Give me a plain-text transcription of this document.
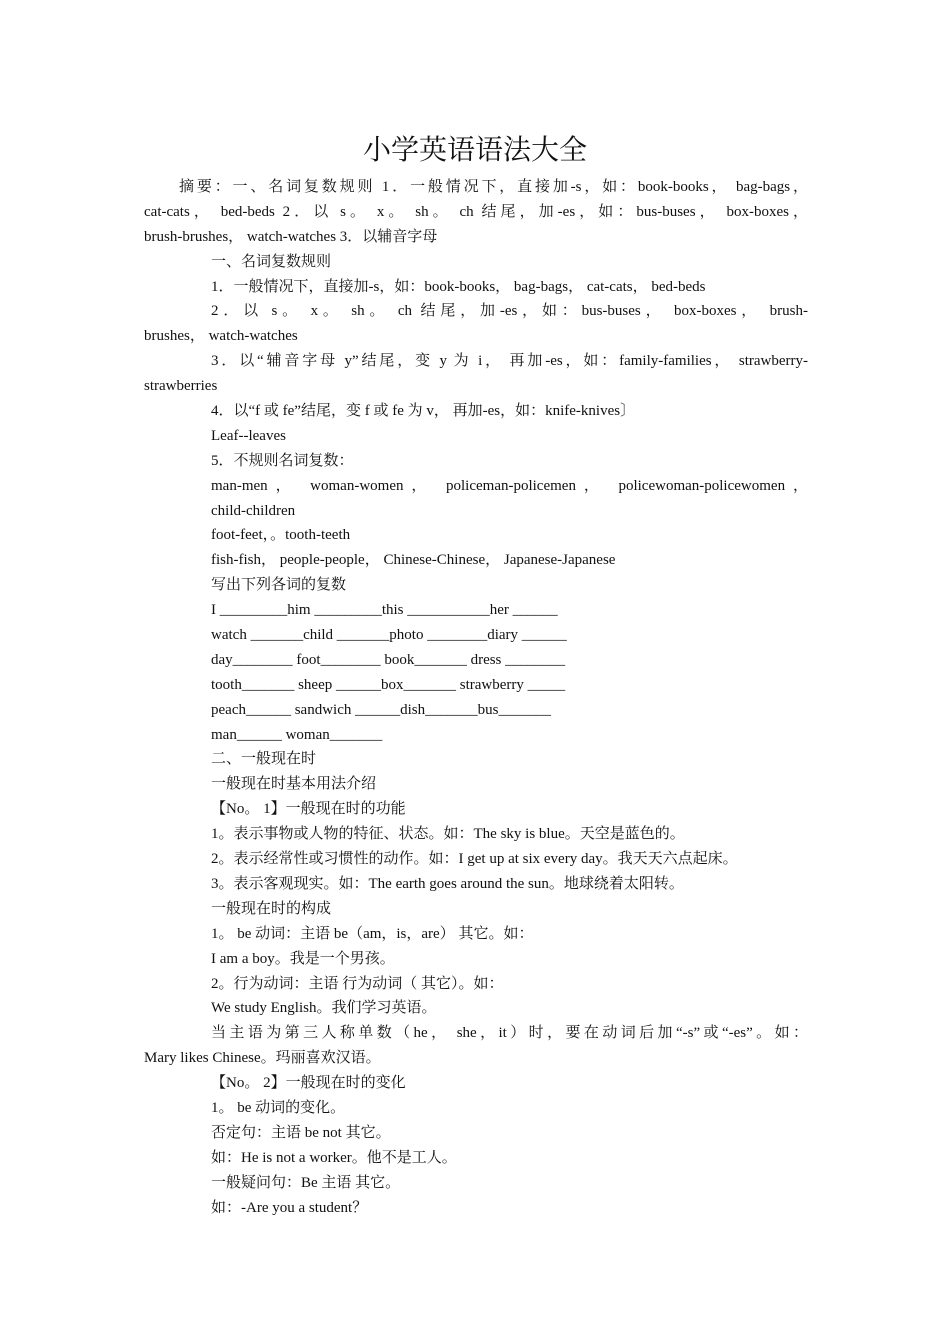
小学英语语法大全
摘要：一、名词复数规则 1．一般情况下，直接加-s，如：book-books， bag-bags，
cat-cats， bed-beds 2．以 s。 x。 sh。 ch 结尾，加-es，如：bus-buses， box-boxes，
brush-brushes， watch-watches 3．以辅音字母
一、名词复数规则
1．一般情况下，直接加-s，如：book-books， bag-bags， cat-cats， bed-beds
2．以 s。 x。 sh。 ch 结尾，加-es，如：bus-buses， box-boxes， brush-
brushes， watch-watches
3．以“辅音字母 y”结尾，变 y 为 i， 再加-es，如：family-families， strawberry-
strawberries
4．以“f 或 fe”结尾，变 f 或 fe 为 v， 再加-es，如：knife-knives〕
Leaf--leaves
5．不规则名词复数：
man-men， woman-women， policeman-policemen， policewoman-policewomen，
child-children
foot-feet，。tooth-teeth
fish-fish， people-people， Chinese-Chinese， Japanese-Japanese
写出下列各词的复数
I _________him _________this ___________her ______
watch _______child _______photo ________diary ______
day________ foot________ book_______ dress ________
tooth_______ sheep ______box_______ strawberry _____
peach______ sandwich ______dish_______bus_______
man______ woman_______
二、一般现在时
一般现在时基本用法介绍
【No。 1】一般现在时的功能
1。表示事物或人物的特征、状态。如：The sky is blue。天空是蓝色的。
2。表示经常性或习惯性的动作。如：I get up at six every day。我天天六点起床。
3。表示客观现实。如：The earth goes around the sun。地球绕着太阳转。
一般现在时的构成
1。 be 动词：主语 be（am，is，are） 其它。如：
I am a boy。我是一个男孩。
2。行为动词：主语 行为动词（ 其它）。如：
We study English。我们学习英语。
当主语为第三人称单数（he， she，it）时，要在动词后加“-s”或“-es”。如：
Mary likes Chinese。玛丽喜欢汉语。
【No。 2】一般现在时的变化
1。 be 动词的变化。
否定句：主语 be not 其它。
如：He is not a worker。他不是工人。
一般疑问句：Be 主语 其它。
如：-Are you a student？
